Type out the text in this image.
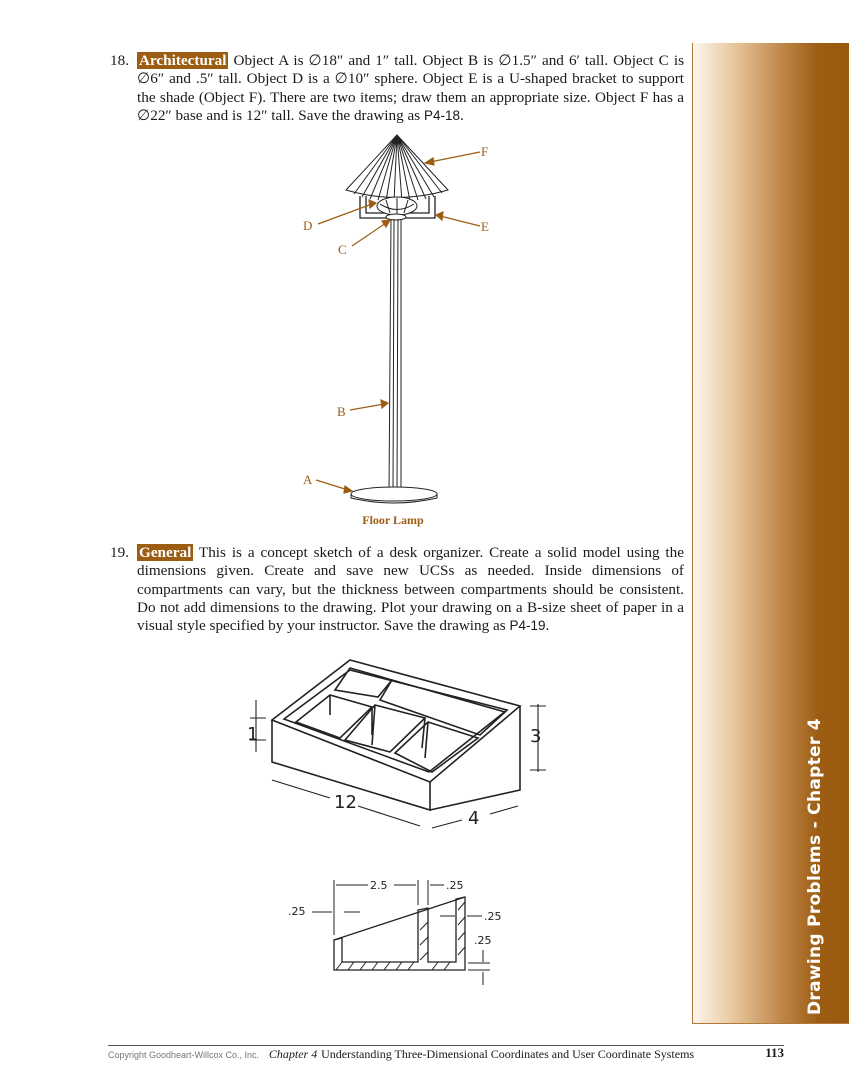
Drawing Problems - Chapter 4
18. Architectural Object A is ∅18″ and 1″ tall. Object B is ∅1.5″ and 6′ tall. Object C is ∅6″ and .5″ tall. Object D is a ∅10″ sphere. Object E is a U-shaped bracket to support the shade (Object F). There are two items; draw them an appropriate size. Object F has a ∅22″ base and is 12″ tall. Save the drawing as P4-18.
F
D	E
C
B
A
1	3
12
4
2.5	.25
.25	.25
.25
Floor Lamp
19. General This is a concept sketch of a desk organizer. Create a solid model using the dimensions given. Create and save new UCSs as needed. Inside dimensions of compartments can vary, but the thickness between compartments should be consistent. Do not add dimensions to the drawing. Plot your drawing on a B-size sheet of paper in a visual style specified by your instructor. Save the drawing as P4-19.
Copyright Goodheart-Willcox Co., Inc. Chapter 4 Understanding Three-Dimensional Coordinates and User Coordinate Systems	113
